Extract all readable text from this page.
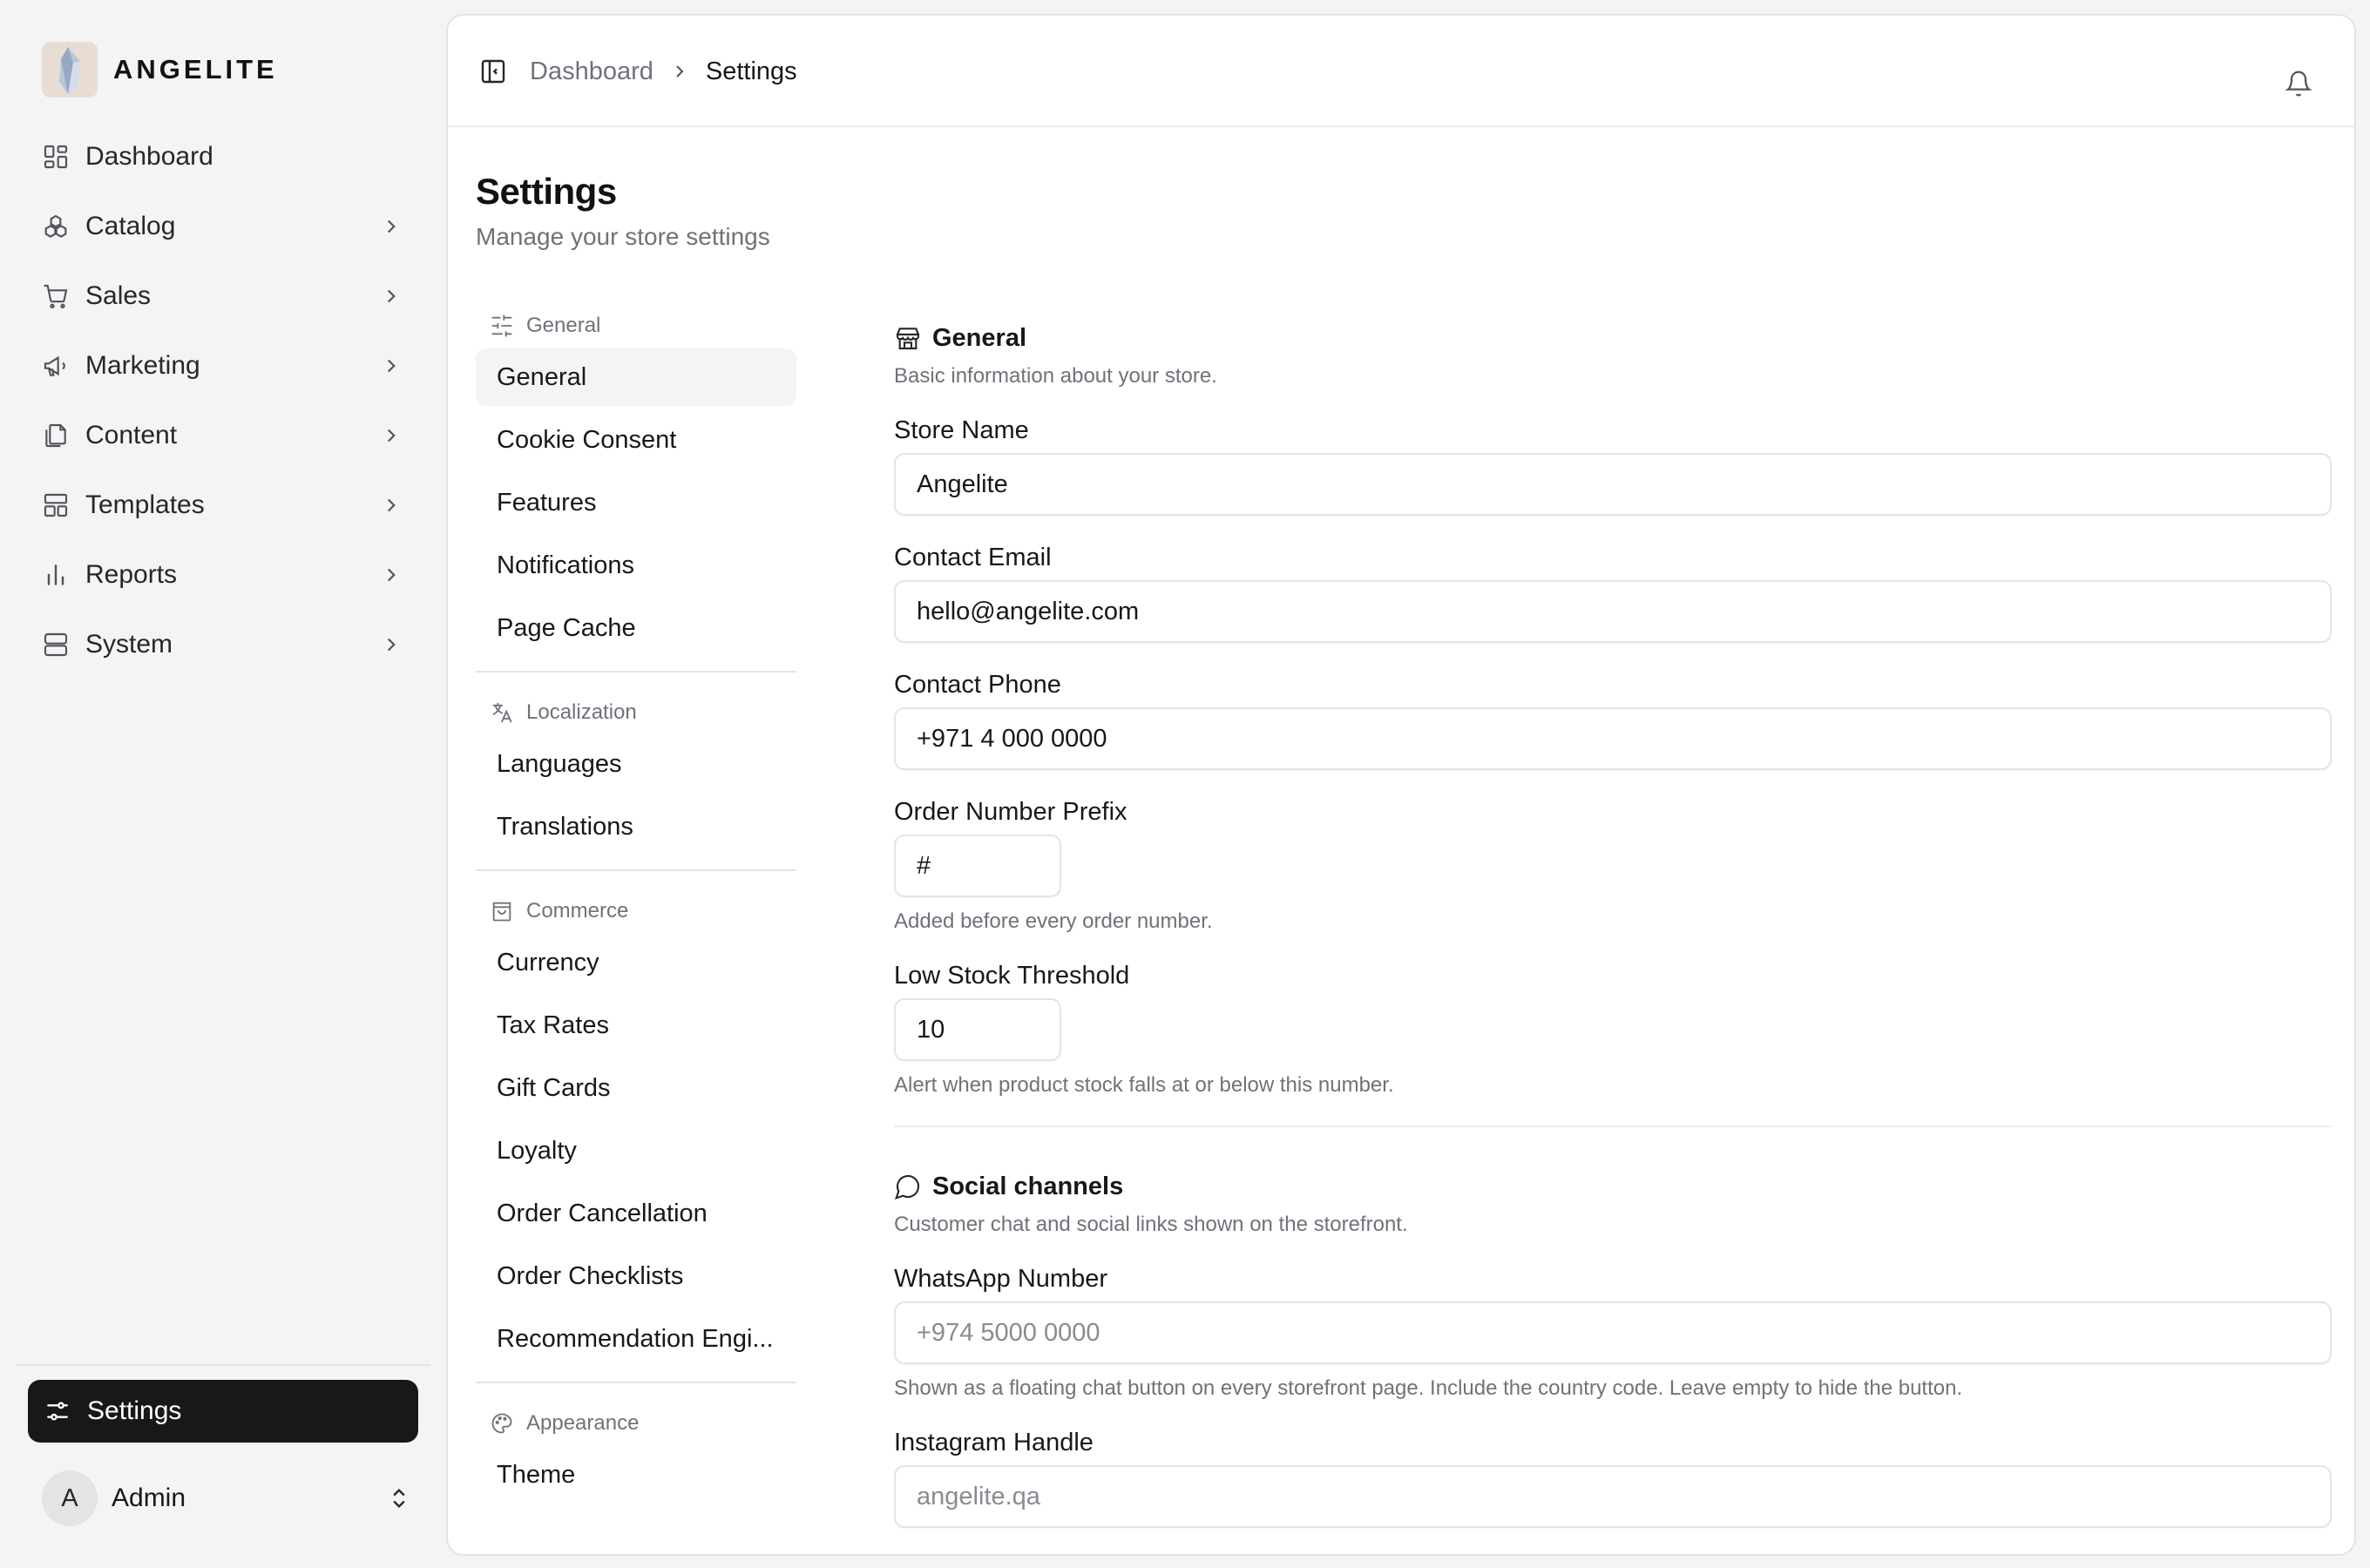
ANGELITE
Dashboard
Catalog
Sales
Marketing
Content
Templates
Reports
System
Settings
A	Admin
Dashboard Settings
Settings
Manage your store settings
General
General
Cookie Consent
Features
Notifications
Page Cache
Localization
Languages
Translations
Commerce
Currency
Tax Rates
Gift Cards
Loyalty
Order Cancellation
Order Checklists
Recommendation Engi...
Appearance
Theme
General
Basic information about your store.
Store Name
Angelite
Contact Email
hello@angelite.com
Contact Phone
+971 4 000 0000
Order Number Prefix
#
Added before every order number.
Low Stock Threshold
10
Alert when product stock falls at or below this number.
Social channels
Customer chat and social links shown on the storefront.
WhatsApp Number
+974 5000 0000
Shown as a floating chat button on every storefront page. Include the country code. Leave empty to hide the button.
Instagram Handle
angelite.qa
